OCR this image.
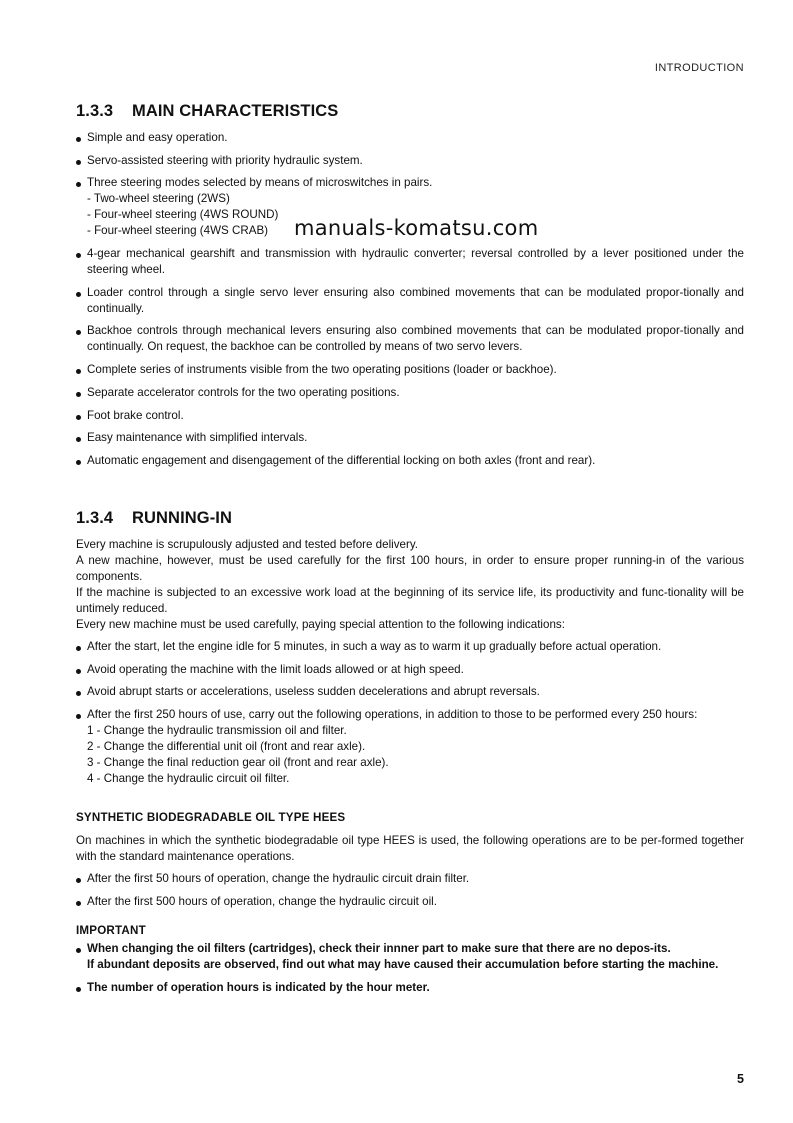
INTRODUCTION
1.3.3 MAIN CHARACTERISTICS
Simple and easy operation.
Servo-assisted steering with priority hydraulic system.
Three steering modes selected by means of microswitches in pairs.
- Two-wheel steering (2WS)
- Four-wheel steering (4WS ROUND)
- Four-wheel steering (4WS CRAB)
4-gear mechanical gearshift and transmission with hydraulic converter; reversal controlled by a lever positioned under the steering wheel.
Loader control through a single servo lever ensuring also combined movements that can be modulated propor-tionally and continually.
Backhoe controls through mechanical levers ensuring also combined movements that can be modulated propor-tionally and continually. On request, the backhoe can be controlled by means of two servo levers.
Complete series of instruments visible from the two operating positions (loader or backhoe).
Separate accelerator controls for the two operating positions.
Foot brake control.
Easy maintenance with simplified intervals.
Automatic engagement and disengagement of the differential locking on both axles (front and rear).
manuals-komatsu.com
1.3.4 RUNNING-IN
Every machine is scrupulously adjusted and tested before delivery.
A new machine, however, must be used carefully for the first 100 hours, in order to ensure proper running-in of the various components.
If the machine is subjected to an excessive work load at the beginning of its service life, its productivity and func-tionality will be untimely reduced.
Every new machine must be used carefully, paying special attention to the following indications:
After the start, let the engine idle for 5 minutes, in such a way as to warm it up gradually before actual operation.
Avoid operating the machine with the limit loads allowed or at high speed.
Avoid abrupt starts or accelerations, useless sudden decelerations and abrupt reversals.
After the first 250 hours of use, carry out the following operations, in addition to those to be performed every 250 hours:
1 - Change the hydraulic transmission oil and filter.
2 - Change the differential unit oil (front and rear axle).
3 - Change the final reduction gear oil (front and rear axle).
4 - Change the hydraulic circuit oil filter.
SYNTHETIC BIODEGRADABLE OIL TYPE HEES

On machines in which the synthetic biodegradable oil type HEES is used, the following operations are to be per-formed together with the standard maintenance operations.

After the first 50 hours of operation, change the hydraulic circuit drain filter.
After the first 500 hours of operation, change the hydraulic circuit oil.
IMPORTANT
When changing the oil filters (cartridges), check their innner part to make sure that there are no depos-its.
If abundant deposits are observed, find out what may have caused their accumulation before starting the machine.
The number of operation hours is indicated by the hour meter.
5
